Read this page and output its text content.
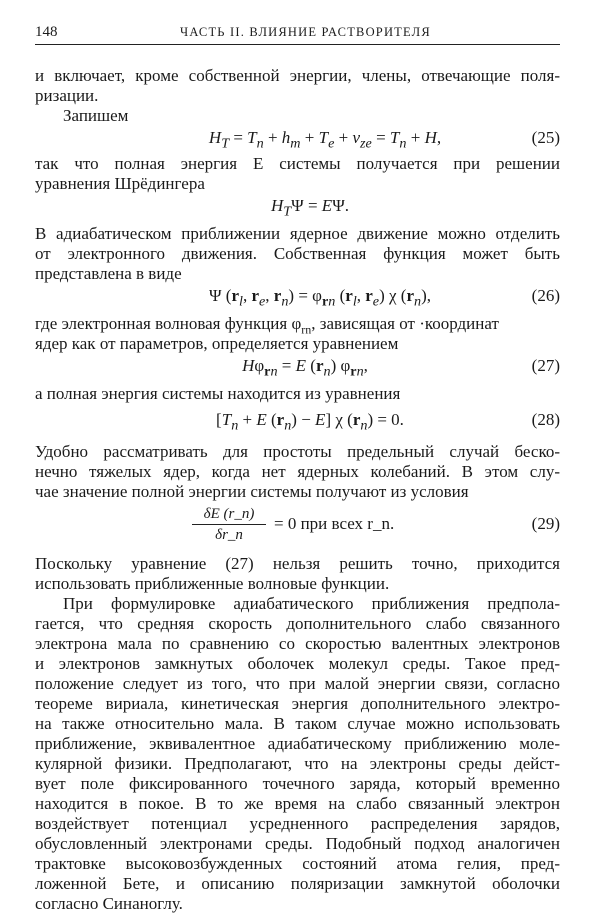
148	ЧАСТЬ II. ВЛИЯНИЕ РАСТВОРИТЕЛЯ
и включает, кроме собственной энергии, члены, отвечающие поля-
ризации.
Запишем
$H_T = T_n + h_m + T_e + v_{ze} = T_n + H$,	(25)
так что полная энергия E системы получается при решении
уравнения Шрёдингера
$H_T\Psi = E\Psi$.
В адиабатическом приближении ядерное движение можно отделить
от электронного движения. Собственная функция может быть
представлена в виде
Ψ ($r_l$, $r_e$, $r_n) = \varphi_{rn}$ ($r_l$, $r_e$) χ $(r_n)$,	(26)
где электронная волновая функция $\varphi_{rn}$, зависящая от ·координат
ядер как от параметров, определяется уравнением
$H\varphi_{rn} = E$ $(r_n)$ $\varphi_{rn}$,	(27)
а полная энергия системы находится из уравнения
[$T_n + E$ $(r_n) - E$] χ $(r_n) = 0$.	(28)
Удобно рассматривать для простоты предельный случай беско-
нечно тяжелых ядер, когда нет ядерных колебаний. В этом слу-
чае значение полной энергии системы получают из условия
δE (r_n)
δr_n
= 0 при всех r_n.	(29)
Поскольку уравнение (27) нельзя решить точно, приходится
использовать приближенные волновые функции.
При формулировке адиабатического приближения предпола-
гается, что средняя скорость дополнительного слабо связанного
электрона мала по сравнению со скоростью валентных электронов
и электронов замкнутых оболочек молекул среды. Такое пред-
положение следует из того, что при малой энергии связи, согласно
теореме вириала, кинетическая энергия дополнительного электро-
на также относительно мала. В таком случае можно использовать
приближение, эквивалентное адиабатическому приближению моле-
кулярной физики. Предполагают, что на электроны среды дейст-
вует поле фиксированного точечного заряда, который временно
находится в покое. В то же время на слабо связанный электрон
воздействует потенциал усредненного распределения зарядов,
обусловленный электронами среды. Подобный подход аналогичен
трактовке высоковозбужденных состояний атома гелия, пред-
ложенной Бете, и описанию поляризации замкнутой оболочки
согласно Синаноглу.
